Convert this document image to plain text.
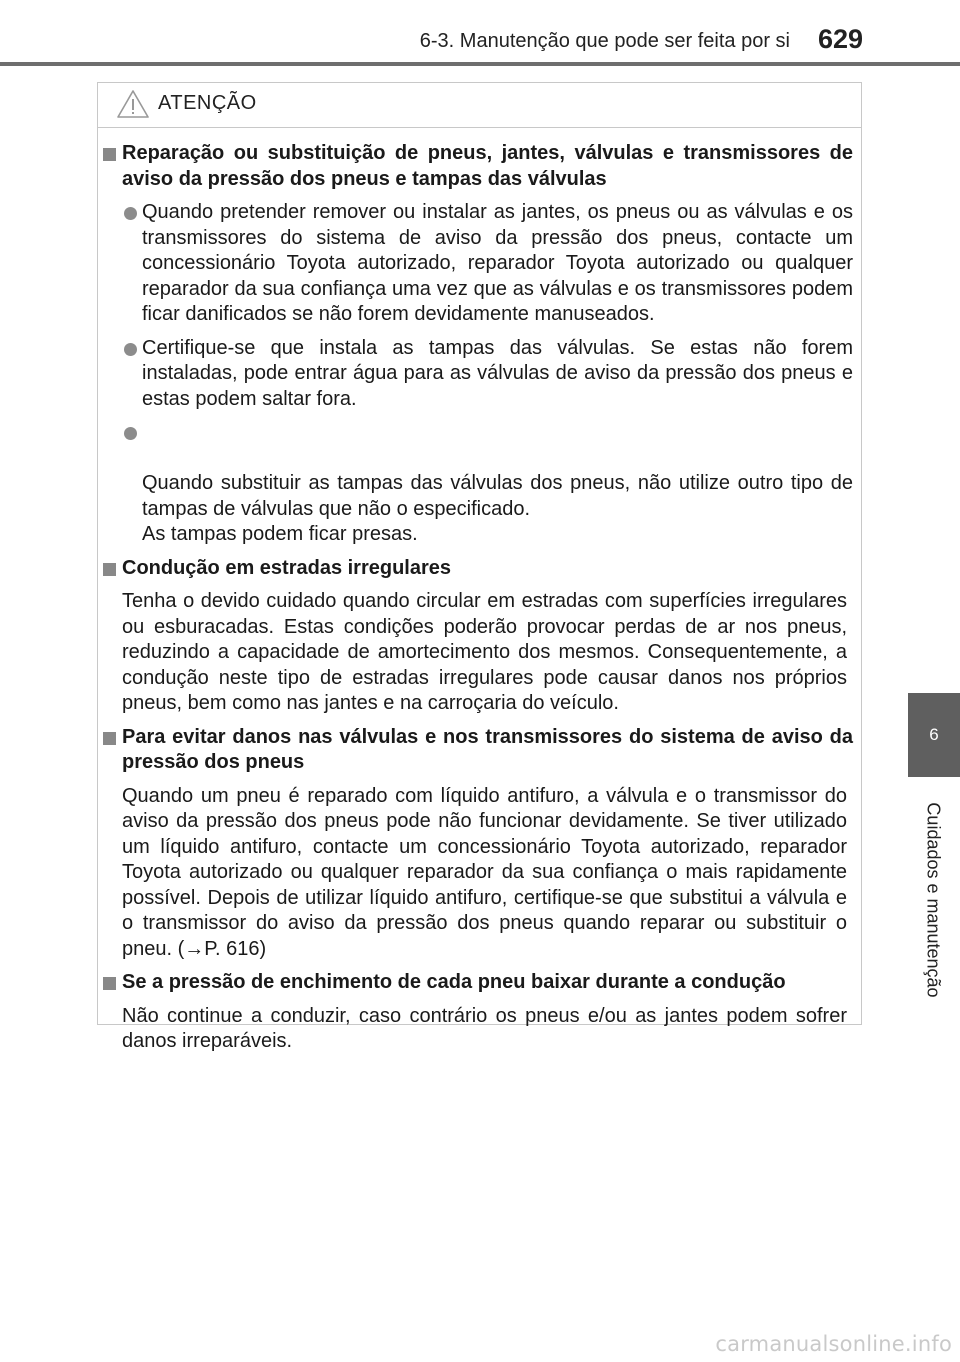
6-3. Manutenção que pode ser feita por si 629
6
Cuidados e manutenção
ATENÇÃO
Reparação ou substituição de pneus, jantes, válvulas e transmissores de aviso da pressão dos pneus e tampas das válvulas
Quando pretender remover ou instalar as jantes, os pneus ou as válvulas e os transmissores do sistema de aviso da pressão dos pneus, contacte um concessionário Toyota autorizado, reparador Toyota autorizado ou qualquer reparador da sua confiança uma vez que as válvulas e os transmissores podem ficar danificados se não forem devidamente manuseados.
Certifique-se que instala as tampas das válvulas. Se estas não forem instaladas, pode entrar água para as válvulas de aviso da pressão dos pneus e estas podem saltar fora.

Quando substituir as tampas das válvulas dos pneus, não utilize outro tipo de tampas de válvulas que não o especificado.
As tampas podem ficar presas.

Condução em estradas irregulares
Tenha o devido cuidado quando circular em estradas com superfícies irregulares ou esburacadas. Estas condições poderão provocar perdas de ar nos pneus, reduzindo a capacidade de amortecimento dos mesmos. Consequentemente, a condução neste tipo de estradas irregulares pode causar danos nos próprios pneus, bem como nas jantes e na carroçaria do veículo.
Para evitar danos nas válvulas e nos transmissores do sistema de aviso da pressão dos pneus
Quando um pneu é reparado com líquido antifuro, a válvula e o transmissor do aviso da pressão dos pneus pode não funcionar devidamente. Se tiver utilizado um líquido antifuro, contacte um concessionário Toyota autorizado, reparador Toyota autorizado ou qualquer reparador da sua confiança o mais rapidamente possível. Depois de utilizar líquido antifuro, certifique-se que substitui a válvula e o transmissor do aviso da pressão dos pneus quando reparar ou substituir o pneu. (→P. 616)
Se a pressão de enchimento de cada pneu baixar durante a condução
Não continue a conduzir, caso contrário os pneus e/ou as jantes podem sofrer danos irreparáveis.
carmanualsonline.info
